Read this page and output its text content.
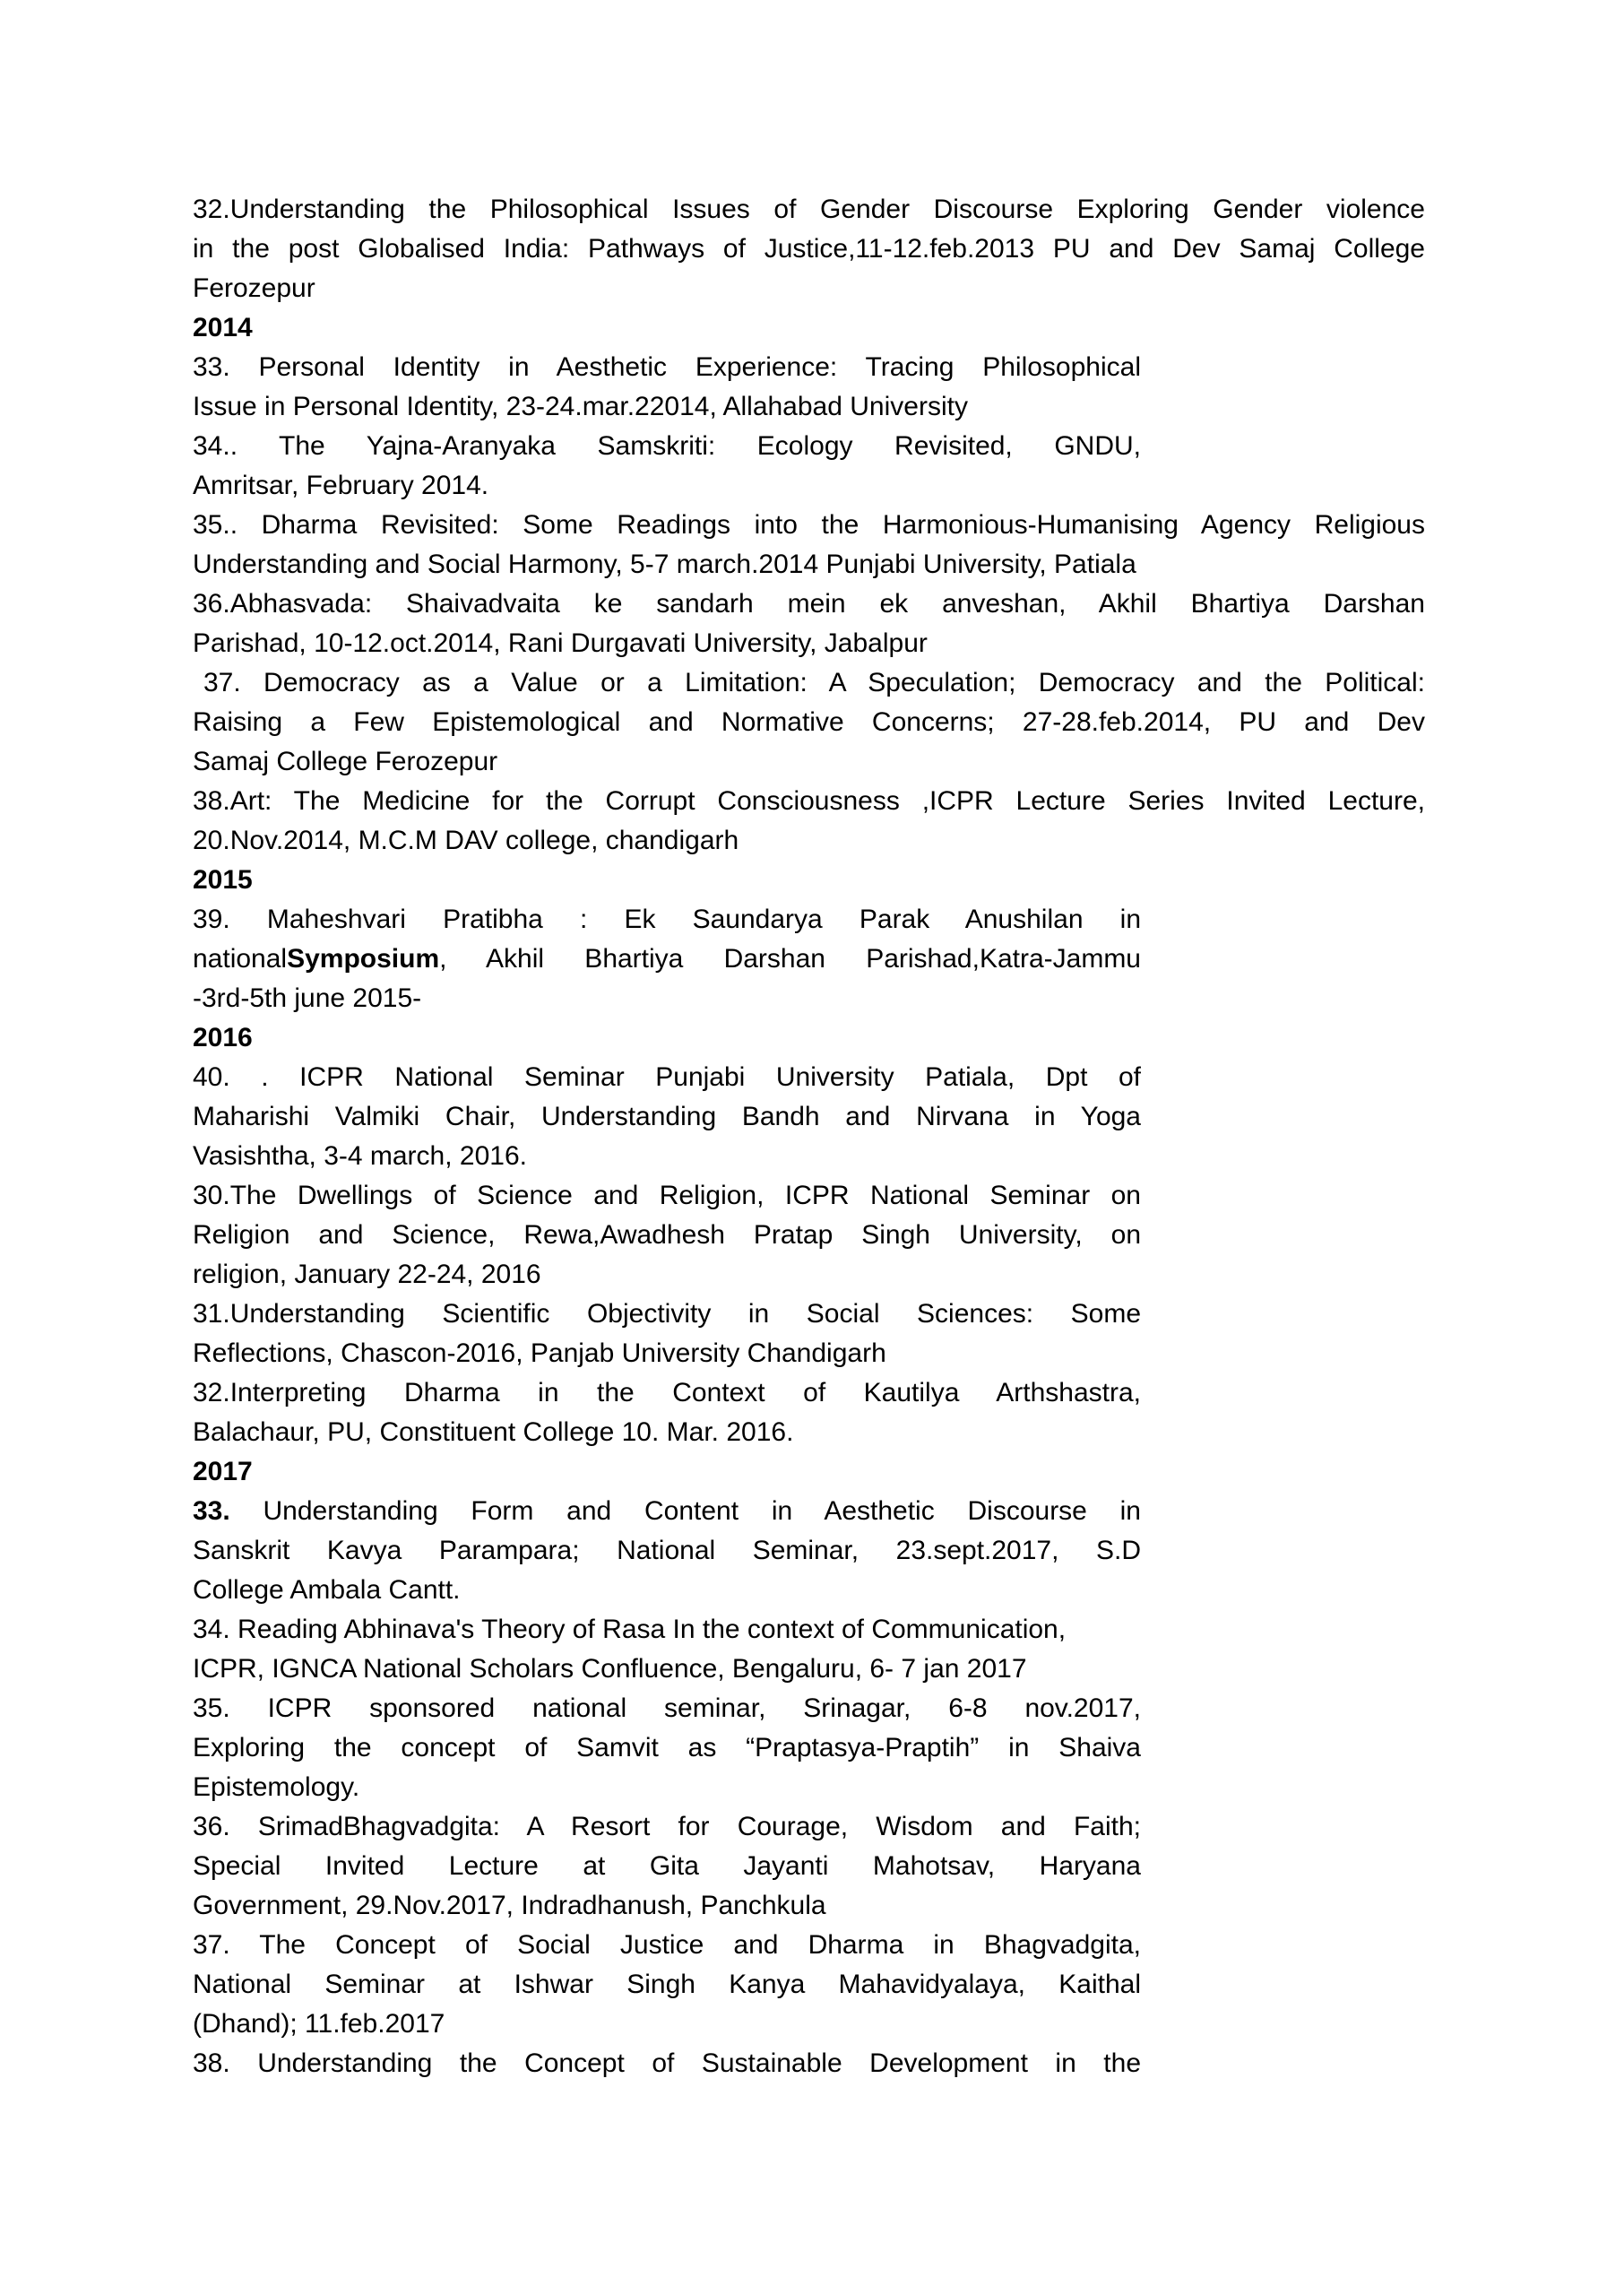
32.Understanding the Philosophical Issues of Gender Discourse Exploring Gender violence
in the post Globalised India: Pathways of Justice,11-12.feb.2013 PU and Dev Samaj College
Ferozepur
2014
33. Personal Identity in Aesthetic Experience: Tracing Philosophical
Issue in Personal Identity, 23-24.mar.22014, Allahabad University
34.. The Yajna-Aranyaka Samskriti: Ecology Revisited, GNDU,
Amritsar, February 2014.
35.. Dharma Revisited: Some Readings into the Harmonious-Humanising Agency Religious
Understanding and Social Harmony, 5-7 march.2014 Punjabi University, Patiala
36.Abhasvada: Shaivadvaita ke sandarh mein ek anveshan, Akhil Bhartiya Darshan
Parishad, 10-12.oct.2014, Rani Durgavati University, Jabalpur
37. Democracy as a Value or a Limitation: A Speculation; Democracy and the Political:
Raising a Few Epistemological and Normative Concerns; 27-28.feb.2014, PU and Dev
Samaj College Ferozepur
38.Art: The Medicine for the Corrupt Consciousness ,ICPR Lecture Series Invited Lecture,
20.Nov.2014, M.C.M DAV college, chandigarh
2015
39. Maheshvari Pratibha : Ek Saundarya Parak Anushilan in
nationalSymposium, Akhil Bhartiya Darshan Parishad,Katra-Jammu
-3rd-5th june 2015-
2016
40. . ICPR National Seminar Punjabi University Patiala, Dpt of
Maharishi Valmiki Chair, Understanding Bandh and Nirvana in Yoga
Vasishtha, 3-4 march, 2016.
30.The Dwellings of Science and Religion, ICPR National Seminar on
Religion and Science, Rewa,Awadhesh Pratap Singh University, on
religion, January 22-24, 2016
31.Understanding Scientific Objectivity in Social Sciences: Some
Reflections, Chascon-2016, Panjab University Chandigarh
32.Interpreting Dharma in the Context of Kautilya Arthshastra,
Balachaur, PU, Constituent College 10. Mar. 2016.
2017
33. Understanding Form and Content in Aesthetic Discourse in
Sanskrit Kavya Parampara; National Seminar, 23.sept.2017, S.D
College Ambala Cantt.
34. Reading Abhinava's Theory of Rasa In the context of Communication,
ICPR, IGNCA National Scholars Confluence, Bengaluru, 6- 7 jan 2017
35. ICPR sponsored national seminar, Srinagar, 6-8 nov.2017,
Exploring the concept of Samvit as “Praptasya-Praptih” in Shaiva
Epistemology.
36. SrimadBhagvadgita: A Resort for Courage, Wisdom and Faith;
Special Invited Lecture at Gita Jayanti Mahotsav, Haryana
Government, 29.Nov.2017, Indradhanush, Panchkula
37. The Concept of Social Justice and Dharma in Bhagvadgita,
National Seminar at Ishwar Singh Kanya Mahavidyalaya, Kaithal
(Dhand); 11.feb.2017
38. Understanding the Concept of Sustainable Development in the
